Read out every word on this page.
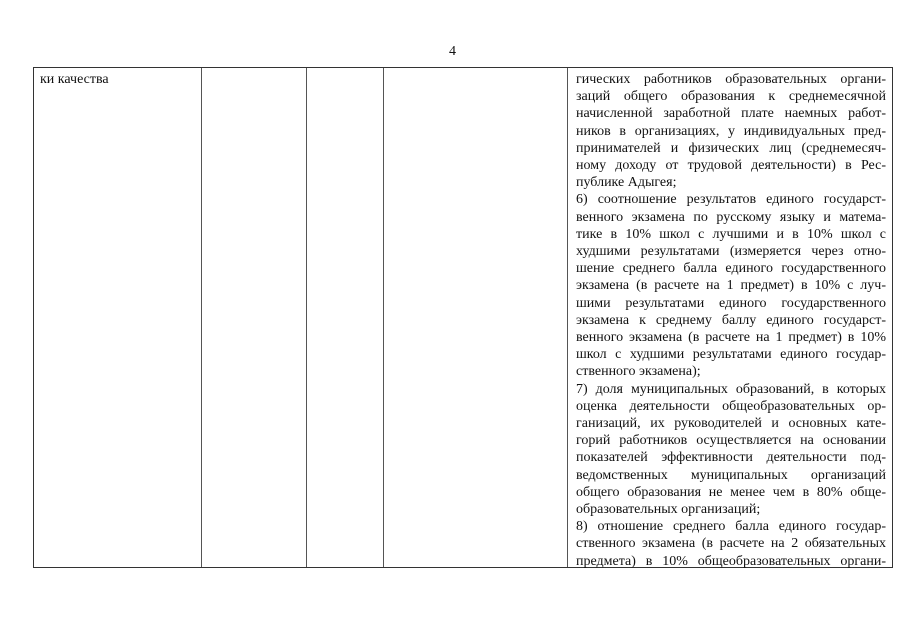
4
ки качества	гических работников образовательных органи-
заций общего образования к среднемесячной
начисленной заработной плате наемных работ-
ников в организациях, у индивидуальных пред-
принимателей и физических лиц (среднемесяч-
ному доходу от трудовой деятельности) в Рес-
публике Адыгея;
6) соотношение результатов единого государст-
венного экзамена по русскому языку и матема-
тике в 10% школ с лучшими и в 10% школ с
худшими результатами (измеряется через отно-
шение среднего балла единого государственного
экзамена (в расчете на 1 предмет) в 10% с луч-
шими результатами единого государственного
экзамена к среднему баллу единого государст-
венного экзамена (в расчете на 1 предмет) в 10%
школ с худшими результатами единого государ-
ственного экзамена);
7) доля муниципальных образований, в которых
оценка деятельности общеобразовательных ор-
ганизаций, их руководителей и основных кате-
горий работников осуществляется на основании
показателей эффективности деятельности под-
ведомственных муниципальных организаций
общего образования не менее чем в 80% обще-
образовательных организаций;
8) отношение среднего балла единого государ-
ственного экзамена (в расчете на 2 обязательных
предмета) в 10% общеобразовательных органи-
